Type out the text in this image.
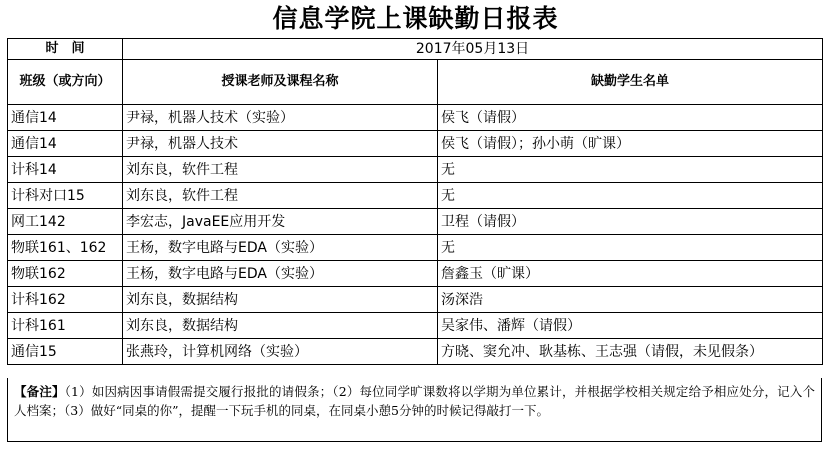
信息学院上课缺勤日报表
时　间	2017年05月13日	
班级（或方向）	授课老师及课程名称	缺勤学生名单
通信14	尹禄，机器人技术（实验）	侯飞（请假）
通信14	尹禄，机器人技术	侯飞（请假）；孙小萌（旷课）
计科14	刘东良，软件工程	无
计科对口15	刘东良，软件工程	无
网工142	李宏志，JavaEE应用开发	卫程（请假）
物联161、162	王杨，数字电路与EDA（实验）	无
物联162	王杨，数字电路与EDA（实验）	詹鑫玉（旷课）
计科162	刘东良，数据结构	汤深浩
计科161	刘东良，数据结构	吴家伟、潘辉（请假）
通信15	张燕玲，计算机网络（实验）	方晓、窦允冲、耿基栋、王志强（请假，未见假条）
【备注】（1）如因病因事请假需提交履行报批的请假条；（2）每位同学旷课数将以学期为单位累计，并根据学校相关规定给予相应处分，记入个人档案；（3）做好“同桌的你”，提醒一下玩手机的同桌，在同桌小憩5分钟的时候记得敲打一下。
